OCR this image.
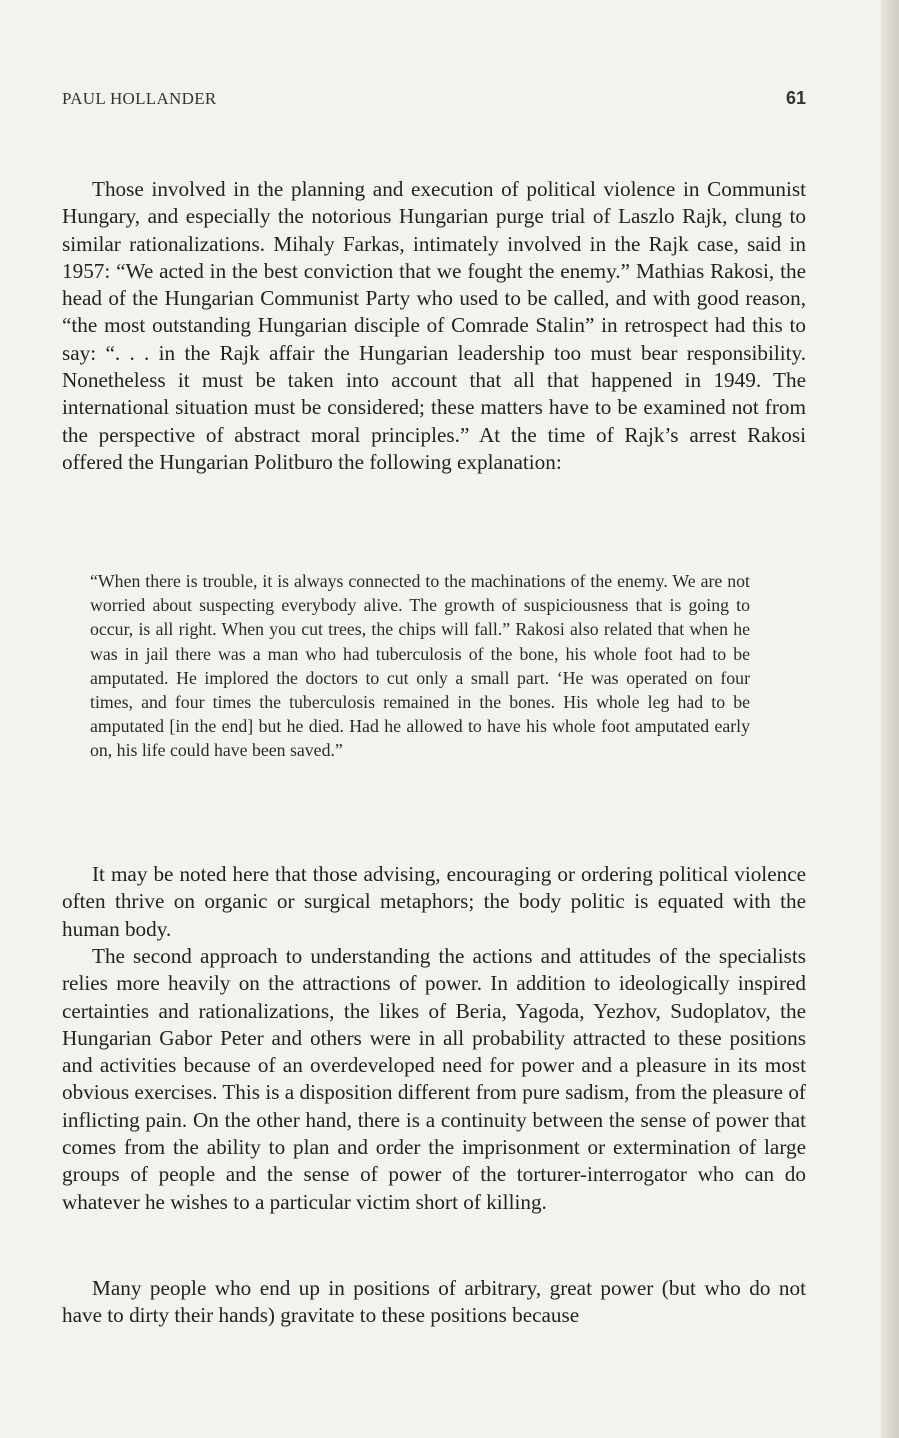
PAUL HOLLANDER	61

Those involved in the planning and execution of political violence in Communist Hungary, and especially the notorious Hungarian purge trial of Laszlo Rajk, clung to similar rationalizations. Mihaly Farkas, intimately involved in the Rajk case, said in 1957: “We acted in the best conviction that we fought the enemy.” Mathias Rakosi, the head of the Hungarian Communist Party who used to be called, and with good reason, “the most outstanding Hungarian disciple of Comrade Stalin” in retrospect had this to say: “. . . in the Rajk affair the Hungarian leadership too must bear responsibility. Nonetheless it must be taken into account that all that happened in 1949. The international situation must be considered; these matters have to be examined not from the perspective of abstract moral principles.” At the time of Rajk’s arrest Rakosi offered the Hungarian Politburo the following explanation:

“When there is trouble, it is always connected to the machinations of the enemy. We are not worried about suspecting everybody alive. The growth of suspiciousness that is going to occur, is all right. When you cut trees, the chips will fall.” Rakosi also related that when he was in jail there was a man who had tuberculosis of the bone, his whole foot had to be amputated. He implored the doctors to cut only a small part. ‘He was operated on four times, and four times the tuberculosis remained in the bones. His whole leg had to be amputated [in the end] but he died. Had he allowed to have his whole foot amputated early on, his life could have been saved.”

It may be noted here that those advising, encouraging or ordering political violence often thrive on organic or surgical metaphors; the body politic is equated with the human body.

The second approach to understanding the actions and attitudes of the specialists relies more heavily on the attractions of power. In addition to ideologically inspired certainties and rationalizations, the likes of Beria, Yagoda, Yezhov, Sudoplatov, the Hungarian Gabor Peter and others were in all probability attracted to these positions and activities because of an overdeveloped need for power and a pleasure in its most obvious exercises. This is a disposition different from pure sadism, from the pleasure of inflicting pain. On the other hand, there is a continuity between the sense of power that comes from the ability to plan and order the imprisonment or extermination of large groups of people and the sense of power of the torturer-interrogator who can do whatever he wishes to a particular victim short of killing.

Many people who end up in positions of arbitrary, great power (but who do not have to dirty their hands) gravitate to these positions because
